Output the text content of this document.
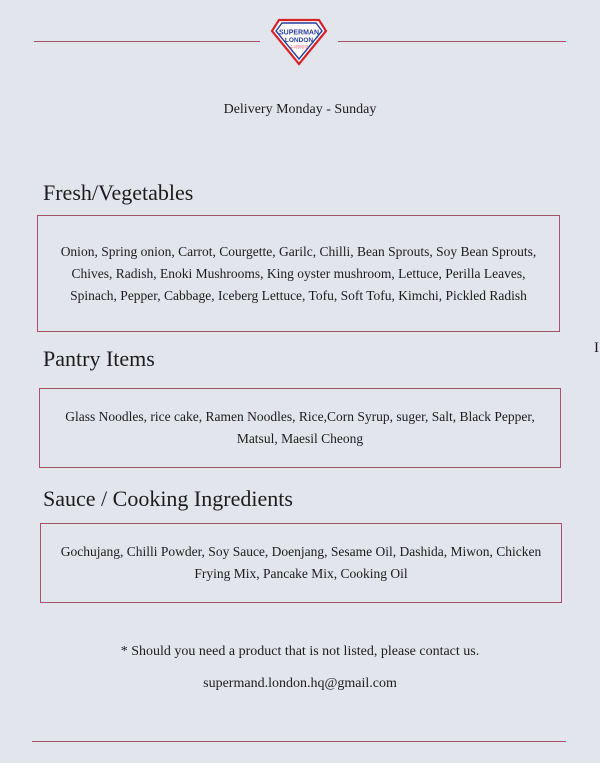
SUPERMAN
LONDON
슈퍼맨런던
Delivery Monday - Sunday
Fresh/Vegetables
Onion, Spring onion, Carrot, Courgette, Garilc, Chilli, Bean Sprouts, Soy Bean Sprouts, Chives, Radish, Enoki Mushrooms, King oyster mushroom, Lettuce, Perilla Leaves, Spinach, Pepper, Cabbage, Iceberg Lettuce, Tofu, Soft Tofu, Kimchi, Pickled Radish
Pantry Items
Glass Noodles, rice cake, Ramen Noodles, Rice,Corn Syrup, suger, Salt, Black Pepper, Matsul, Maesil Cheong
Sauce / Cooking Ingredients
Gochujang, Chilli Powder, Soy Sauce, Doenjang, Sesame Oil, Dashida, Miwon, Chicken Frying Mix, Pancake Mix, Cooking Oil
* Should you need a product that is not listed, please contact us.
supermand.london.hq@gmail.com
I
